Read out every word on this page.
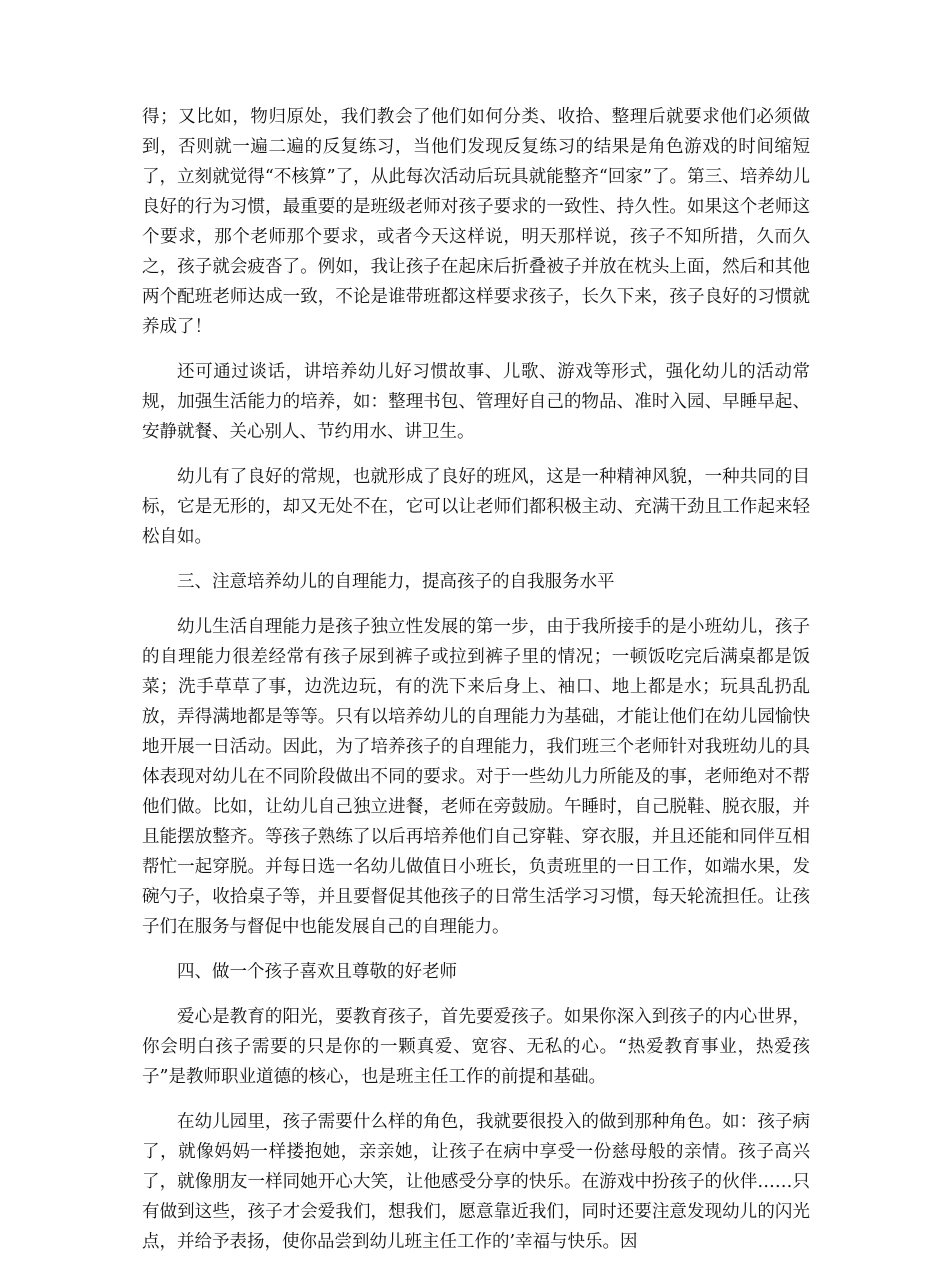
得；又比如，物归原处，我们教会了他们如何分类、收拾、整理后就要求他们必须做到，否则就一遍二遍的反复练习，当他们发现反复练习的结果是角色游戏的时间缩短了，立刻就觉得“不核算”了，从此每次活动后玩具就能整齐“回家”了。第三、培养幼儿良好的行为习惯，最重要的是班级老师对孩子要求的一致性、持久性。如果这个老师这个要求，那个老师那个要求，或者今天这样说，明天那样说，孩子不知所措，久而久之，孩子就会疲沓了。例如，我让孩子在起床后折叠被子并放在枕头上面，然后和其他两个配班老师达成一致，不论是谁带班都这样要求孩子，长久下来，孩子良好的习惯就养成了！

还可通过谈话，讲培养幼儿好习惯故事、儿歌、游戏等形式，强化幼儿的活动常规，加强生活能力的培养，如：整理书包、管理好自己的物品、准时入园、早睡早起、安静就餐、关心别人、节约用水、讲卫生。

幼儿有了良好的常规，也就形成了良好的班风，这是一种精神风貌，一种共同的目标，它是无形的，却又无处不在，它可以让老师们都积极主动、充满干劲且工作起来轻松自如。

三、注意培养幼儿的自理能力，提高孩子的自我服务水平

幼儿生活自理能力是孩子独立性发展的第一步，由于我所接手的是小班幼儿，孩子的自理能力很差经常有孩子尿到裤子或拉到裤子里的情况；一顿饭吃完后满桌都是饭菜；洗手草草了事，边洗边玩，有的洗下来后身上、袖口、地上都是水；玩具乱扔乱放，弄得满地都是等等。只有以培养幼儿的自理能力为基础，才能让他们在幼儿园愉快地开展一日活动。因此，为了培养孩子的自理能力，我们班三个老师针对我班幼儿的具体表现对幼儿在不同阶段做出不同的要求。对于一些幼儿力所能及的事，老师绝对不帮他们做。比如，让幼儿自己独立进餐，老师在旁鼓励。午睡时，自己脱鞋、脱衣服，并且能摆放整齐。等孩子熟练了以后再培养他们自己穿鞋、穿衣服，并且还能和同伴互相帮忙一起穿脱。并每日选一名幼儿做值日小班长，负责班里的一日工作，如端水果，发碗勺子，收拾桌子等，并且要督促其他孩子的日常生活学习习惯，每天轮流担任。让孩子们在服务与督促中也能发展自己的自理能力。

四、做一个孩子喜欢且尊敬的好老师

爱心是教育的阳光，要教育孩子，首先要爱孩子。如果你深入到孩子的内心世界，你会明白孩子需要的只是你的一颗真爱、宽容、无私的心。“热爱教育事业，热爱孩子”是教师职业道德的核心，也是班主任工作的前提和基础。

在幼儿园里，孩子需要什么样的角色，我就要很投入的做到那种角色。如：孩子病了，就像妈妈一样搂抱她，亲亲她，让孩子在病中享受一份慈母般的亲情。孩子高兴了，就像朋友一样同她开心大笑，让他感受分享的快乐。在游戏中扮孩子的伙伴……只有做到这些，孩子才会爱我们，想我们，愿意靠近我们，同时还要注意发现幼儿的闪光点，并给予表扬，使你品尝到幼儿班主任工作的’幸福与快乐。因
